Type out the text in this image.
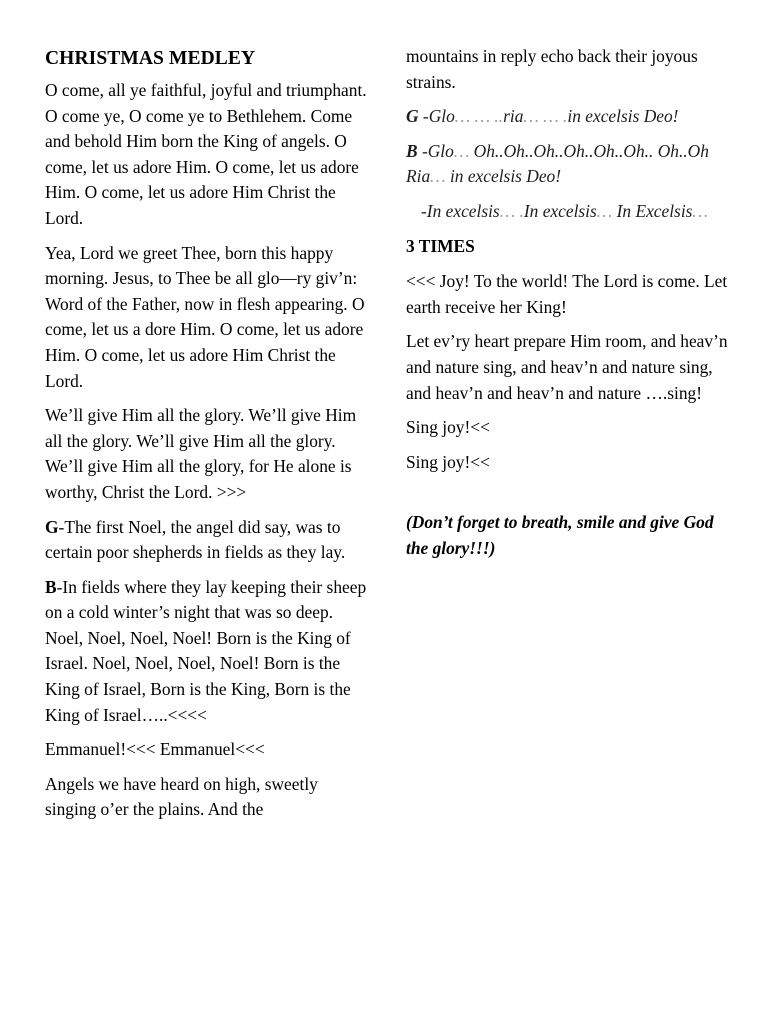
CHRISTMAS MEDLEY

O come, all ye faithful, joyful and triumphant. O come ye, O come ye to Bethlehem. Come and behold Him born the King of angels. O come, let us adore Him. O come, let us adore Him. O come, let us adore Him Christ the Lord.

Yea, Lord we greet Thee, born this happy morning. Jesus, to Thee be all glo—ry giv’n: Word of the Father, now in flesh appearing. O come, let us a dore Him. O come, let us adore Him. O come, let us adore Him Christ the Lord.

We’ll give Him all the glory. We’ll give Him all the glory. We’ll give Him all the glory. We’ll give Him all the glory, for He alone is worthy, Christ the Lord. >>>

G-The first Noel, the angel did say, was to certain poor shepherds in fields as they lay.

B-In fields where they lay keeping their sheep on a cold winter’s night that was so deep. Noel, Noel, Noel, Noel! Born is the King of Israel. Noel, Noel, Noel, Noel! Born is the King of Israel, Born is the King, Born is the King of Israel…..<<<<

Emmanuel!<<< Emmanuel<<<

Angels we have heard on high, sweetly singing o’er the plains. And the

mountains in reply echo back their joyous strains.

G -Glo… … ..ria… … .in excelsis Deo!

B -Glo… Oh..Oh..Oh..Oh..Oh..Oh.. Oh..Oh Ria… in excelsis Deo!

-In excelsis… .In excelsis… In Excelsis…

3 TIMES

<<< Joy! To the world! The Lord is come. Let earth receive her King!

Let ev’ry heart prepare Him room, and heav’n and nature sing, and heav’n and nature sing, and heav’n and heav’n and nature ….sing!

Sing joy!<<

Sing joy!<<

(Don’t forget to breath, smile and give God the glory!!!)
